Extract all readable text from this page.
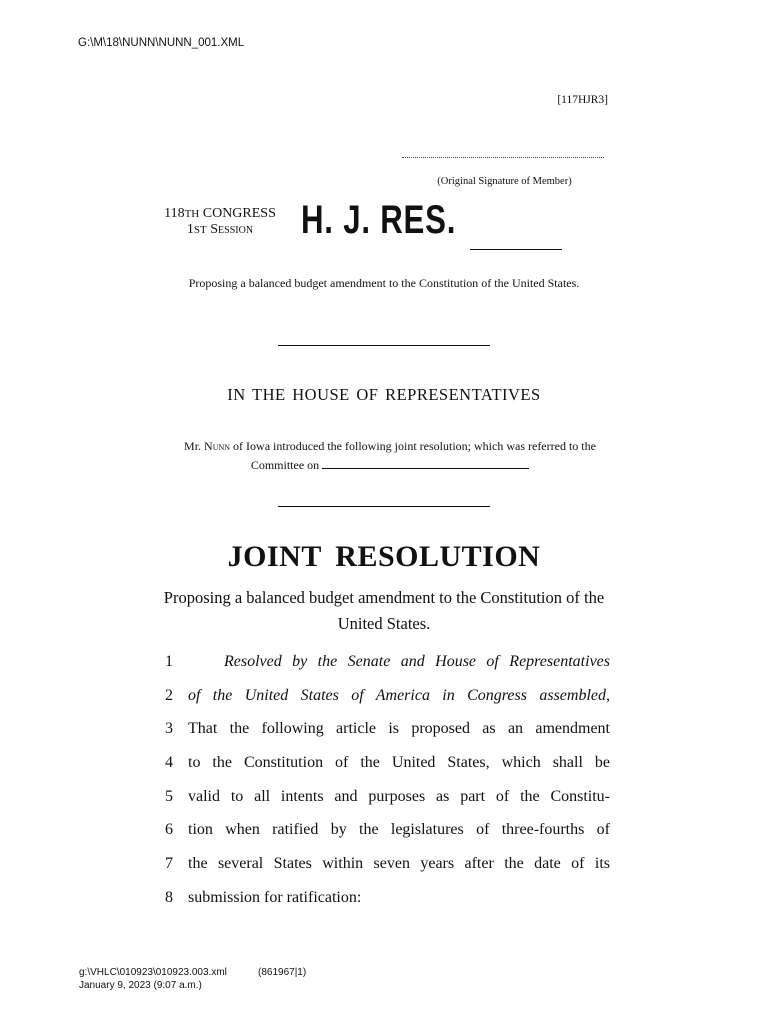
G:\M\18\NUNN\NUNN_001.XML
[117HJR3]
(Original Signature of Member)
118TH CONGRESS
1ST Session	H. J. RES.
Proposing a balanced budget amendment to the Constitution of the United States.
IN THE HOUSE OF REPRESENTATIVES
Mr. Nunn of Iowa introduced the following joint resolution; which was referred to the Committee on
JOINT RESOLUTION
Proposing a balanced budget amendment to the Constitution of the United States.
1	Resolved by the Senate and House of Representatives
2 of the United States of America in Congress assembled,
3 That the following article is proposed as an amendment
4 to the Constitution of the United States, which shall be
5 valid to all intents and purposes as part of the Constitu-
6 tion when ratified by the legislatures of three-fourths of
7 the several States within seven years after the date of its
8 submission for ratification:
g:\VHLC\010923\010923.003.xml	(861967|1)
January 9, 2023 (9:07 a.m.)
